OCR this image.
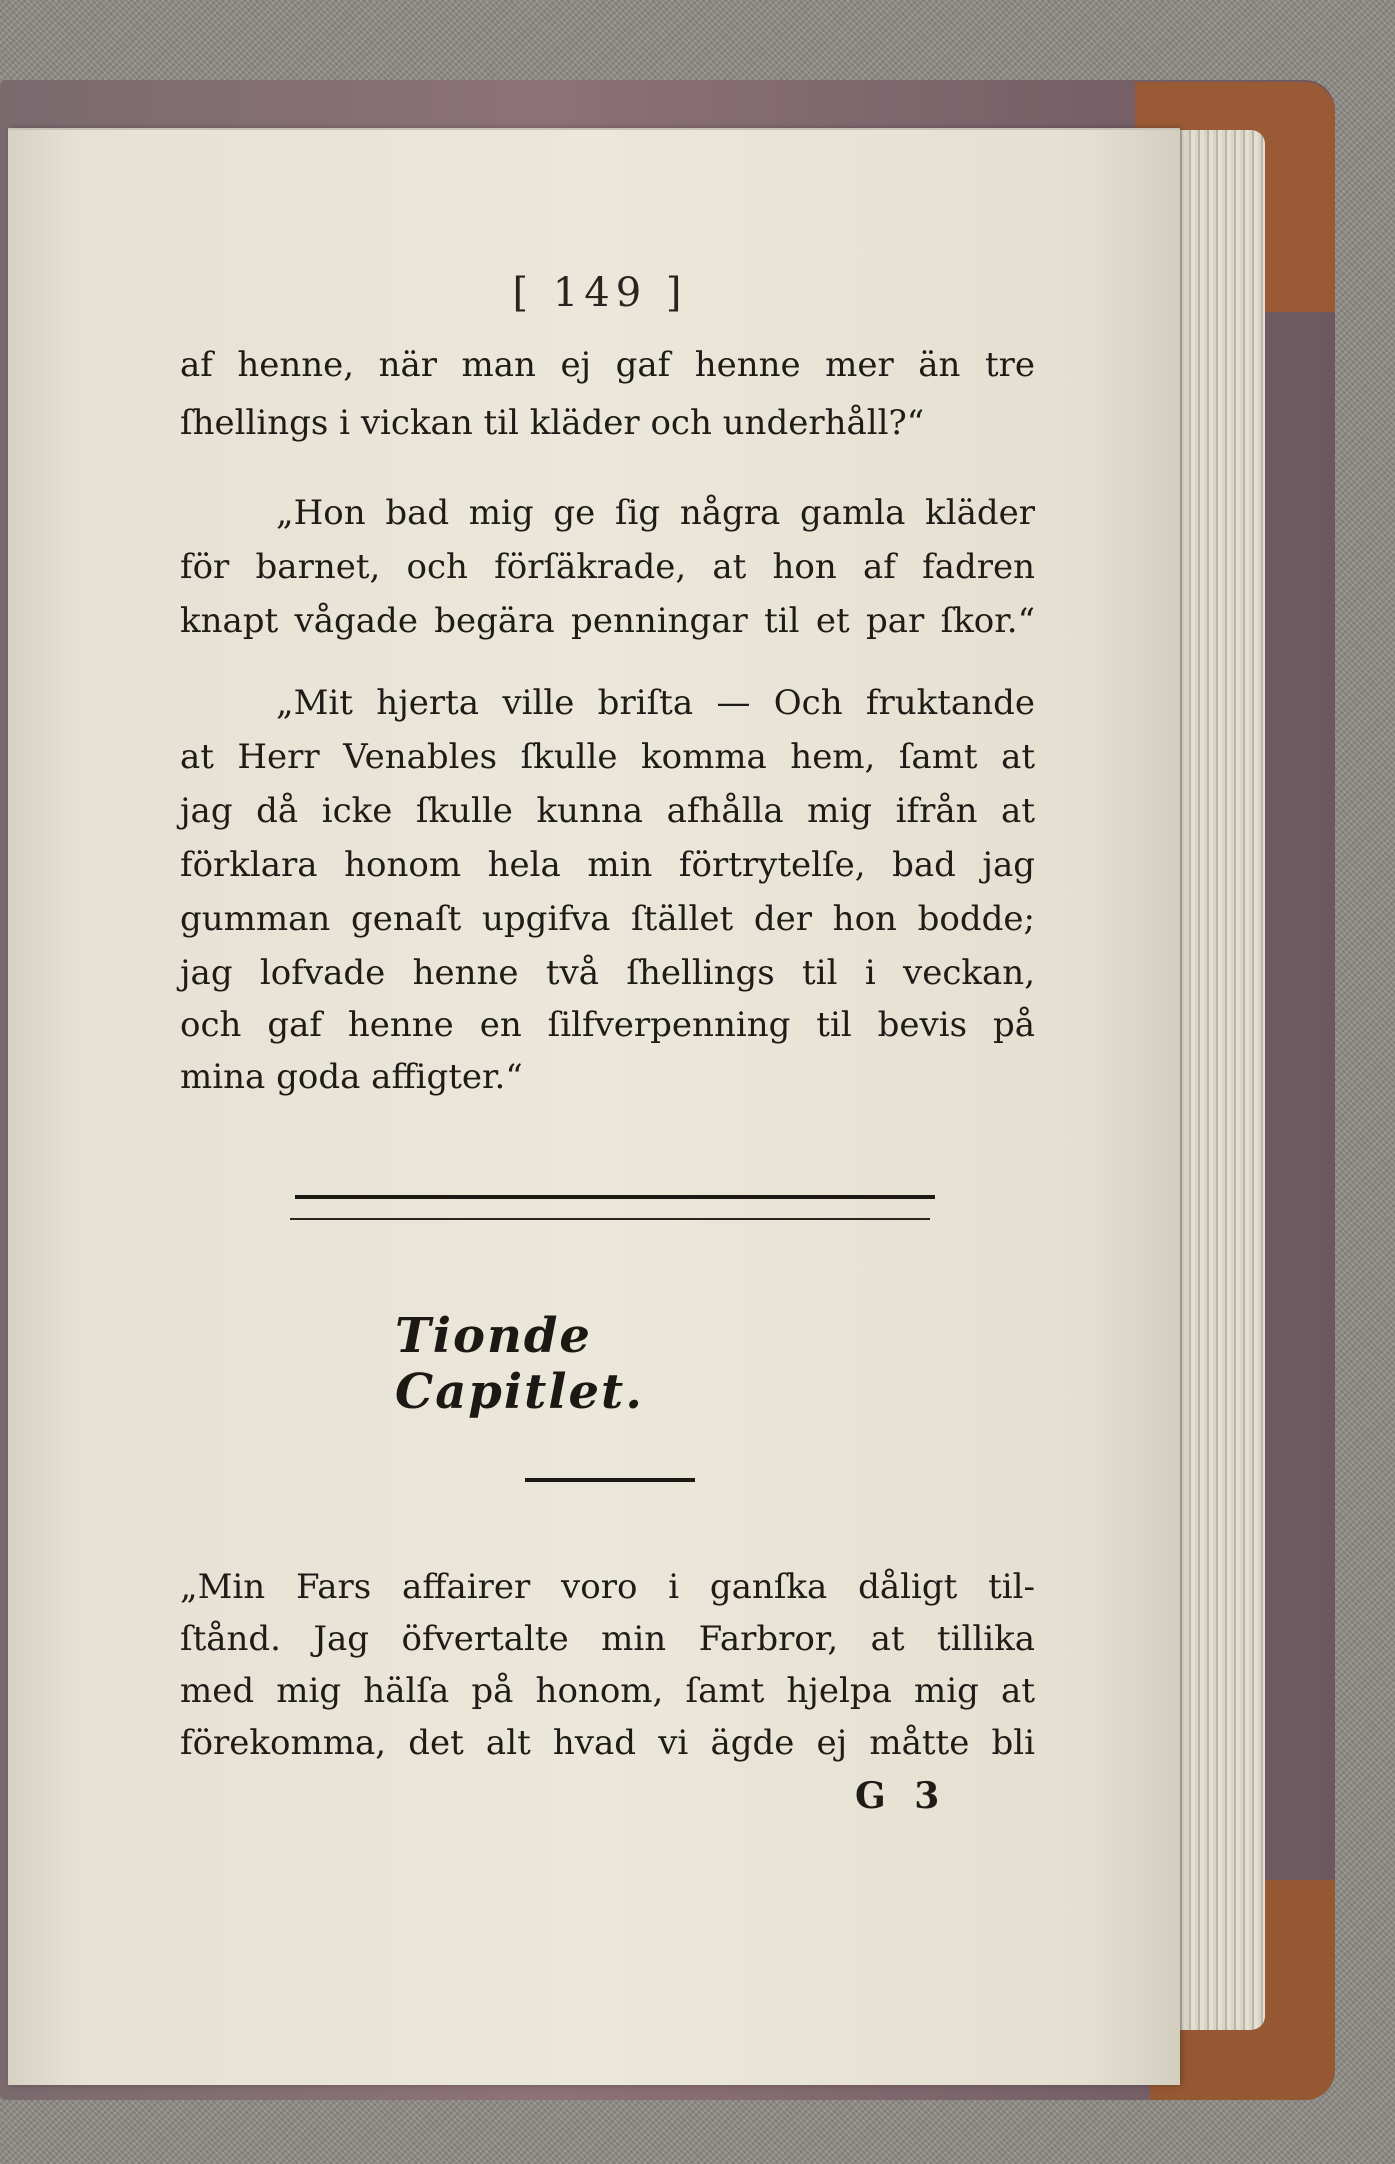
[ 149 ]
af henne, när man ej gaf henne mer än tre
ſhellings i vickan til kläder och underhåll?“
„Hon bad mig ge ſig några gamla kläder
för barnet, och förſäkrade, at hon af fadren
knapt vågade begära penningar til et par ſkor.“
„Mit hjerta ville briſta — Och fruktande
at Herr Venables ſkulle komma hem, ſamt at
jag då icke ſkulle kunna afhålla mig ifrån at
förklara honom hela min förtrytelſe, bad jag
gumman genaſt upgifva ſtället der hon bodde;
jag lofvade henne två ſhellings til i veckan,
och gaf henne en ſilfverpenning til bevis på
mina goda affigter.“
Tionde Capitlet.
„Min Fars affairer voro i ganſka dåligt til-
ſtånd. Jag öfvertalte min Farbror, at tillika
med mig hälſa på honom, ſamt hjelpa mig at
förekomma, det alt hvad vi ägde ej måtte bli
G 3
